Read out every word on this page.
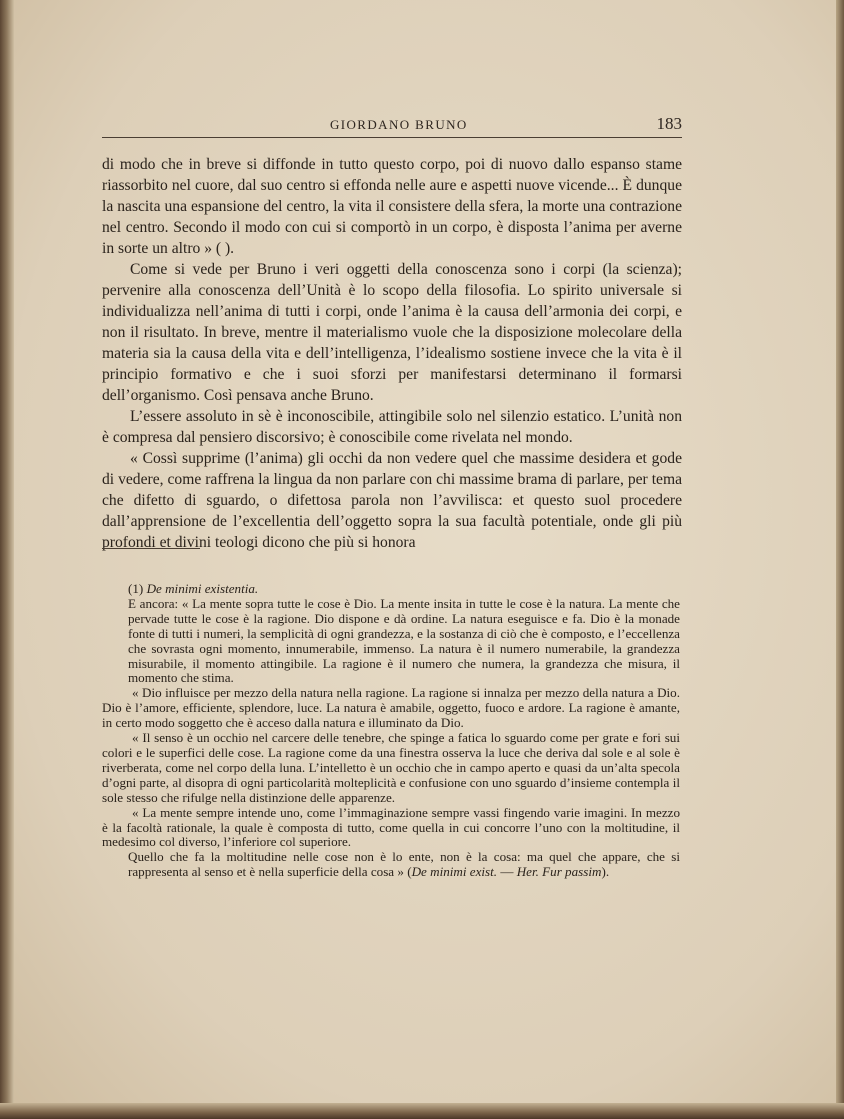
GIORDANO BRUNO	183

di modo che in breve si diffonde in tutto questo corpo, poi di nuovo dallo espanso stame riassorbito nel cuore, dal suo centro si effonda nelle aure e aspetti nuove vicende... È dunque la nascita una espansione del centro, la vita il consistere della sfera, la morte una contrazione nel centro. Secondo il modo con cui si comportò in un corpo, è disposta l’anima per averne in sorte un altro » ( ).

Come si vede per Bruno i veri oggetti della conoscenza sono i corpi (la scienza); pervenire alla conoscenza dell’Unità è lo scopo della filosofia. Lo spirito universale si individualizza nell’anima di tutti i corpi, onde l’anima è la causa dell’armonia dei corpi, e non il risultato. In breve, mentre il materialismo vuole che la disposizione molecolare della materia sia la causa della vita e dell’intelligenza, l’idealismo sostiene invece che la vita è il principio formativo e che i suoi sforzi per manifestarsi determinano il formarsi dell’organismo. Così pensava anche Bruno.

L’essere assoluto in sè è inconoscibile, attingibile solo nel silenzio estatico. L’unità non è compresa dal pensiero discorsivo; è conoscibile come rivelata nel mondo.

« Cossì supprime (l’anima) gli occhi da non vedere quel che massime desidera et gode di vedere, come raffrena la lingua da non parlare con chi massime brama di parlare, per tema che difetto di sguardo, o difettosa parola non l’avvilisca: et questo suol procedere dall’apprensione de l’excellentia dell’oggetto sopra la sua facultà potentiale, onde gli più profondi et divini teologi dicono che più si honora

(1) De minimi existentia.

E ancora: « La mente sopra tutte le cose è Dio. La mente insita in tutte le cose è la natura. La mente che pervade tutte le cose è la ragione. Dio dispone e dà ordine. La natura eseguisce e fa. Dio è la monade fonte di tutti i numeri, la semplicità di ogni grandezza, e la sostanza di ciò che è composto, e l’eccellenza che sovrasta ogni momento, innumerabile, immenso. La natura è il numero numerabile, la grandezza misurabile, il momento attingibile. La ragione è il numero che numera, la grandezza che misura, il momento che stima.

« Dio influisce per mezzo della natura nella ragione. La ragione si innalza per mezzo della natura a Dio. Dio è l’amore, efficiente, splendore, luce. La natura è amabile, oggetto, fuoco e ardore. La ragione è amante, in certo modo soggetto che è acceso dalla natura e illuminato da Dio.

« Il senso è un occhio nel carcere delle tenebre, che spinge a fatica lo sguardo come per grate e fori sui colori e le superfici delle cose. La ragione come da una finestra osserva la luce che deriva dal sole e al sole è riverberata, come nel corpo della luna. L’intelletto è un occhio che in campo aperto e quasi da un’alta specola d’ogni parte, al disopra di ogni particolarità molteplicità e confusione con uno sguardo d’insieme contempla il sole stesso che rifulge nella distinzione delle apparenze.

« La mente sempre intende uno, come l’immaginazione sempre vassi fingendo varie imagini. In mezzo è la facoltà rationale, la quale è composta di tutto, come quella in cui concorre l’uno con la moltitudine, il medesimo col diverso, l’inferiore col superiore.

Quello che fa la moltitudine nelle cose non è lo ente, non è la cosa: ma quel che appare, che si rappresenta al senso et è nella superficie della cosa » (De minimi exist. — Her. Fur passim).
